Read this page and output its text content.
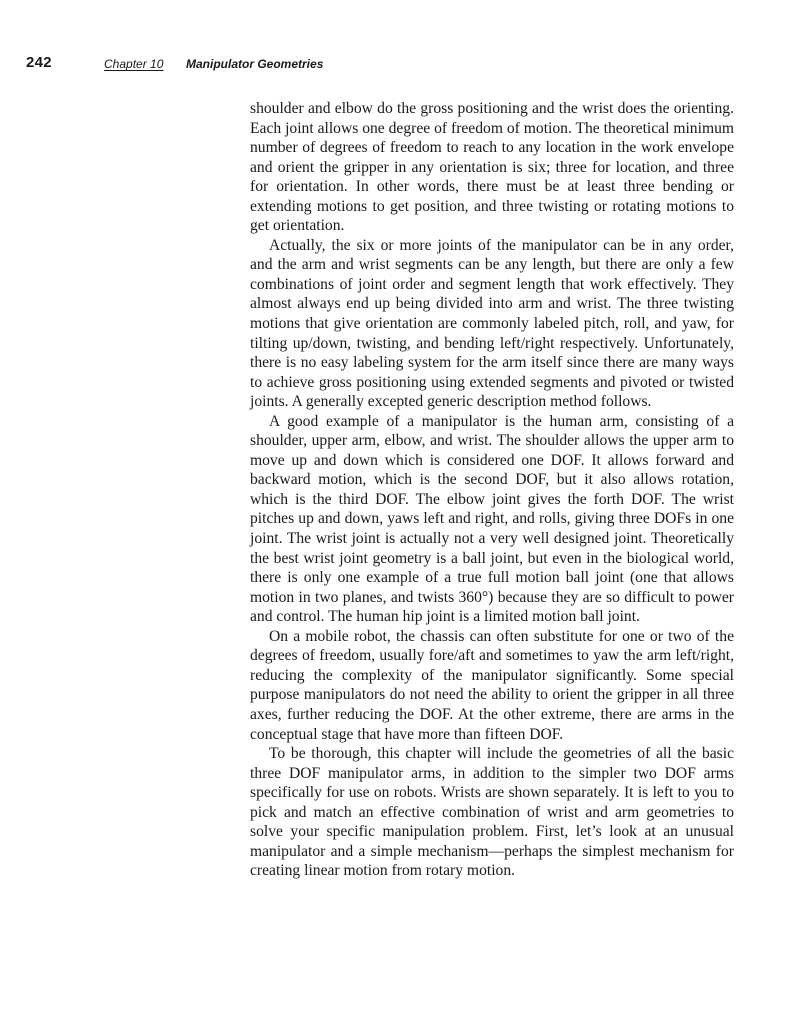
242	Chapter 10 Manipulator Geometries

shoulder and elbow do the gross positioning and the wrist does the orienting. Each joint allows one degree of freedom of motion. The theoretical minimum number of degrees of freedom to reach to any location in the work envelope and orient the gripper in any orientation is six; three for location, and three for orientation. In other words, there must be at least three bending or extending motions to get position, and three twisting or rotating motions to get orientation.

Actually, the six or more joints of the manipulator can be in any order, and the arm and wrist segments can be any length, but there are only a few combinations of joint order and segment length that work effectively. They almost always end up being divided into arm and wrist. The three twisting motions that give orientation are commonly labeled pitch, roll, and yaw, for tilting up/down, twisting, and bending left/right respectively. Unfortunately, there is no easy labeling system for the arm itself since there are many ways to achieve gross positioning using extended segments and pivoted or twisted joints. A generally excepted generic description method follows.

A good example of a manipulator is the human arm, consisting of a shoulder, upper arm, elbow, and wrist. The shoulder allows the upper arm to move up and down which is considered one DOF. It allows forward and backward motion, which is the second DOF, but it also allows rotation, which is the third DOF. The elbow joint gives the forth DOF. The wrist pitches up and down, yaws left and right, and rolls, giving three DOFs in one joint. The wrist joint is actually not a very well designed joint. Theoretically the best wrist joint geometry is a ball joint, but even in the biological world, there is only one example of a true full motion ball joint (one that allows motion in two planes, and twists 360°) because they are so difficult to power and control. The human hip joint is a limited motion ball joint.

On a mobile robot, the chassis can often substitute for one or two of the degrees of freedom, usually fore/aft and sometimes to yaw the arm left/right, reducing the complexity of the manipulator significantly. Some special purpose manipulators do not need the ability to orient the gripper in all three axes, further reducing the DOF. At the other extreme, there are arms in the conceptual stage that have more than fifteen DOF.

To be thorough, this chapter will include the geometries of all the basic three DOF manipulator arms, in addition to the simpler two DOF arms specifically for use on robots. Wrists are shown separately. It is left to you to pick and match an effective combination of wrist and arm geometries to solve your specific manipulation problem. First, let’s look at an unusual manipulator and a simple mechanism—perhaps the simplest mechanism for creating linear motion from rotary motion.
